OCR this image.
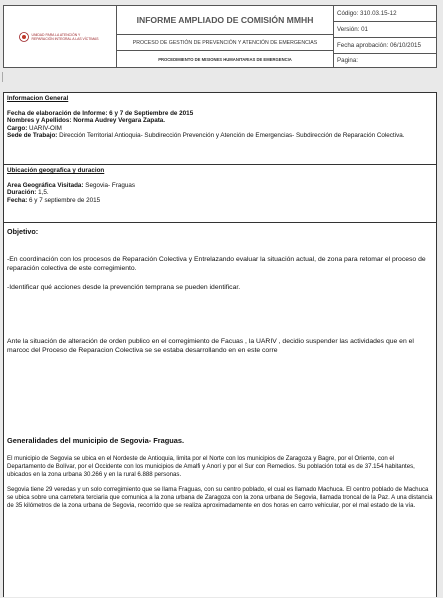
UNIDAD PARA LA ATENCIÓN Y REPARACIÓN INTEGRAL A LAS VÍCTIMAS
INFORME AMPLIADO DE COMISIÓN MMHH
PROCESO DE GESTIÓN DE PREVENCIÓN Y ATENCIÓN DE EMERGENCIAS
PROCEDIMIENTO DE MISIONES HUMANITARIAS DE EMERGENCIA
Código: 310.03.15-12
Versión: 01
Fecha aprobación: 06/10/2015
Pagina:
Informacion General
Fecha de elaboración de Informe: 6 y 7 de Septiembre de 2015
Nombres y Apellidos: Norma Audrey Vergara Zapata.
Cargo: UARIV-OIM
Sede de Trabajo: Dirección Territorial Antioquia- Subdirección Prevención y Atención de Emergencias- Subdirección de Reparación Colectiva.
Ubicación geografica y duracion
Area Geográfica Visitada: Segovia- Fraguas
Duración: 1,5.
Fecha: 6 y 7 septiembre de 2015
Objetivo:

-En coordinación con los procesos de Reparación Colectiva y Entrelazando evaluar la situación actual, de zona para retomar el proceso de reparación colectiva de este corregimiento.

-Identificar qué acciones desde la prevención temprana se pueden identificar.

Ante la situación de alteración de orden publico en el corregimiento de Facuas , la UARIV , decidio suspender las actividades que en el marcoc del Proceso de Reparacion Colectiva se se estaba desarrollando en en este corre

Generalidades del municipio de Segovia- Fraguas.

El municipio de Segovia se ubica en el Nordeste de Antioquia, limita por el Norte con los municipios de Zaragoza y Bagre, por el Oriente, con el Departamento de Bolívar, por el Occidente con los municipios de Amalfi y Anorí y por el Sur con Remedios. Su población total es de 37.154 habitantes, ubicados en la zona urbana 30.266 y en la rural 6.888 personas.

Segovia tiene 29 veredas y un solo corregimiento que se llama Fraguas, con su centro poblado, el cual es llamado Machuca. El centro poblado de Machuca se ubica sobre una carretera terciaria que comunica a la zona urbana de Zaragoza con la zona urbana de Segovia, llamada troncal de la Paz. A una distancia de 35 kilómetros de la zona urbana de Segovia, recorrido que se realiza aproximadamente en dos horas en carro vehicular, por el mal estado de la vía.
